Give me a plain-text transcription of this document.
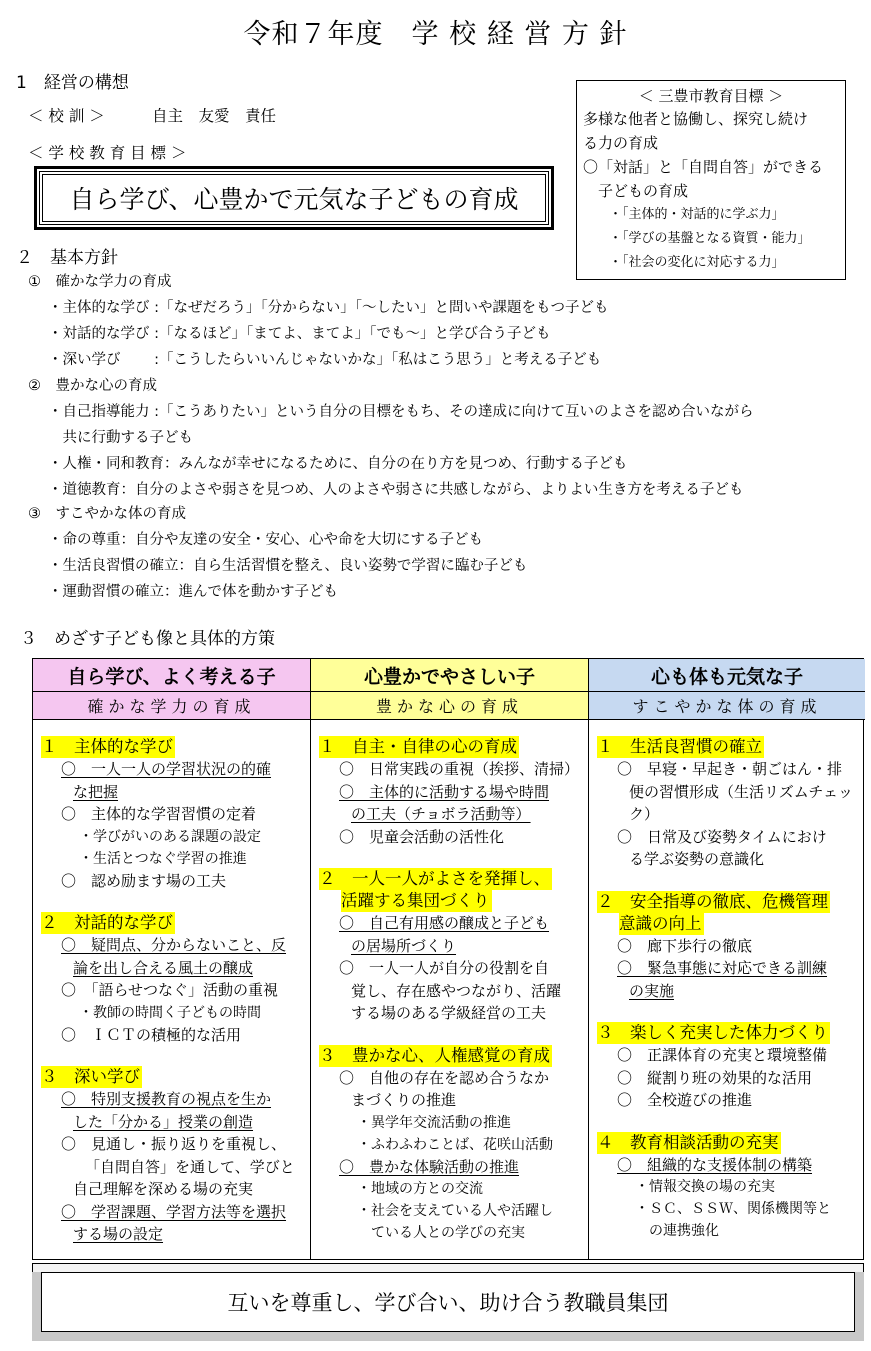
令和７年度　学 校 経 営 方 針
1　経営の構想
＜ 校 訓 ＞	自主　友愛　責任
＜ 学 校 教 育 目 標 ＞
自ら学び、心豊かで元気な子どもの育成
＜ 三豊市教育目標 ＞
多様な他者と協働し、探究し続け
る力の育成
〇「対話」と「自問自答」ができる
　子どもの育成
・「主体的・対話的に学ぶ力」
・「学びの基盤となる資質・能力」
・「社会の変化に対応する力」
２　基本方針
①　確かな学力の育成
・主体的な学び :「なぜだろう」「分からない」「～したい」と問いや課題をもつ子ども
・対話的な学び :「なるほど」「まてよ、まてよ」「でも～」と学び合う子ども
・深い学び　　 :「こうしたらいいんじゃないかな」「私はこう思う」と考える子ども
②　豊かな心の育成
・自己指導能力 :「こうありたい」という自分の目標をもち、その達成に向けて互いのよさを認め合いながら
　共に行動する子ども
・人権・同和教育：みんなが幸せになるために、自分の在り方を見つめ、行動する子ども
・道徳教育：自分のよさや弱さを見つめ、人のよさや弱さに共感しながら、よりよい生き方を考える子ども
③　すこやかな体の育成
・命の尊重：自分や友達の安全・安心、心や命を大切にする子ども
・生活良習慣の確立：自ら生活習慣を整え、良い姿勢で学習に臨む子ども
・運動習慣の確立：進んで体を動かす子ども
３　めざす子ども像と具体的方策
自ら学び、よく考える子
確かな学力の育成
１　主体的な学び
〇　一人一人の学習状況の的確
な把握
〇　主体的な学習習慣の定着
・学びがいのある課題の設定
・生活とつなぐ学習の推進
〇　認め励ます場の工夫
２　対話的な学び
〇　疑問点、分からないこと、反
論を出し合える風土の醸成
〇　「語らせつなぐ」活動の重視
・教師の時間く子どもの時間
〇　ＩＣＴの積極的な活用
３　深い学び
〇　特別支援教育の視点を生か
した「分かる」授業の創造
〇　見通し・振り返りを重視し、
「自問自答」を通して、学びと
自己理解を深める場の充実
〇　学習課題、学習方法等を選択
する場の設定
心豊かでやさしい子
豊かな心の育成
１　自主・自律の心の育成
〇　日常実践の重視（挨拶、清掃）
〇　主体的に活動する場や時間
の工夫（チョボラ活動等）
〇　児童会活動の活性化
２　一人一人がよさを発揮し、活躍する集団づくり
〇　自己有用感の醸成と子ども
の居場所づくり
〇　一人一人が自分の役割を自
覚し、存在感やつながり、活躍
する場のある学級経営の工夫
３　豊かな心、人権感覚の育成
〇　自他の存在を認め合うなか
まづくりの推進
・異学年交流活動の推進
・ふわふわことば、花咲山活動
〇　豊かな体験活動の推進
・地域の方との交流
・社会を支えている人や活躍し
ている人との学びの充実
心も体も元気な子
すこやかな体の育成
１　生活良習慣の確立
〇　早寝・早起き・朝ごはん・排
便の習慣形成（生活リズムチェック）
〇　日常及び姿勢タイムにおけ
る学ぶ姿勢の意識化
２　安全指導の徹底、危機管理意識の向上
〇　廊下歩行の徹底
〇　緊急事態に対応できる訓練
の実施
３　楽しく充実した体力づくり
〇　正課体育の充実と環境整備
〇　縦割り班の効果的な活用
〇　全校遊びの推進
４　教育相談活動の充実
〇　組織的な支援体制の構築
・情報交換の場の充実
・ＳＣ、ＳＳＷ、関係機関等と
の連携強化
互いを尊重し、学び合い、助け合う教職員集団
